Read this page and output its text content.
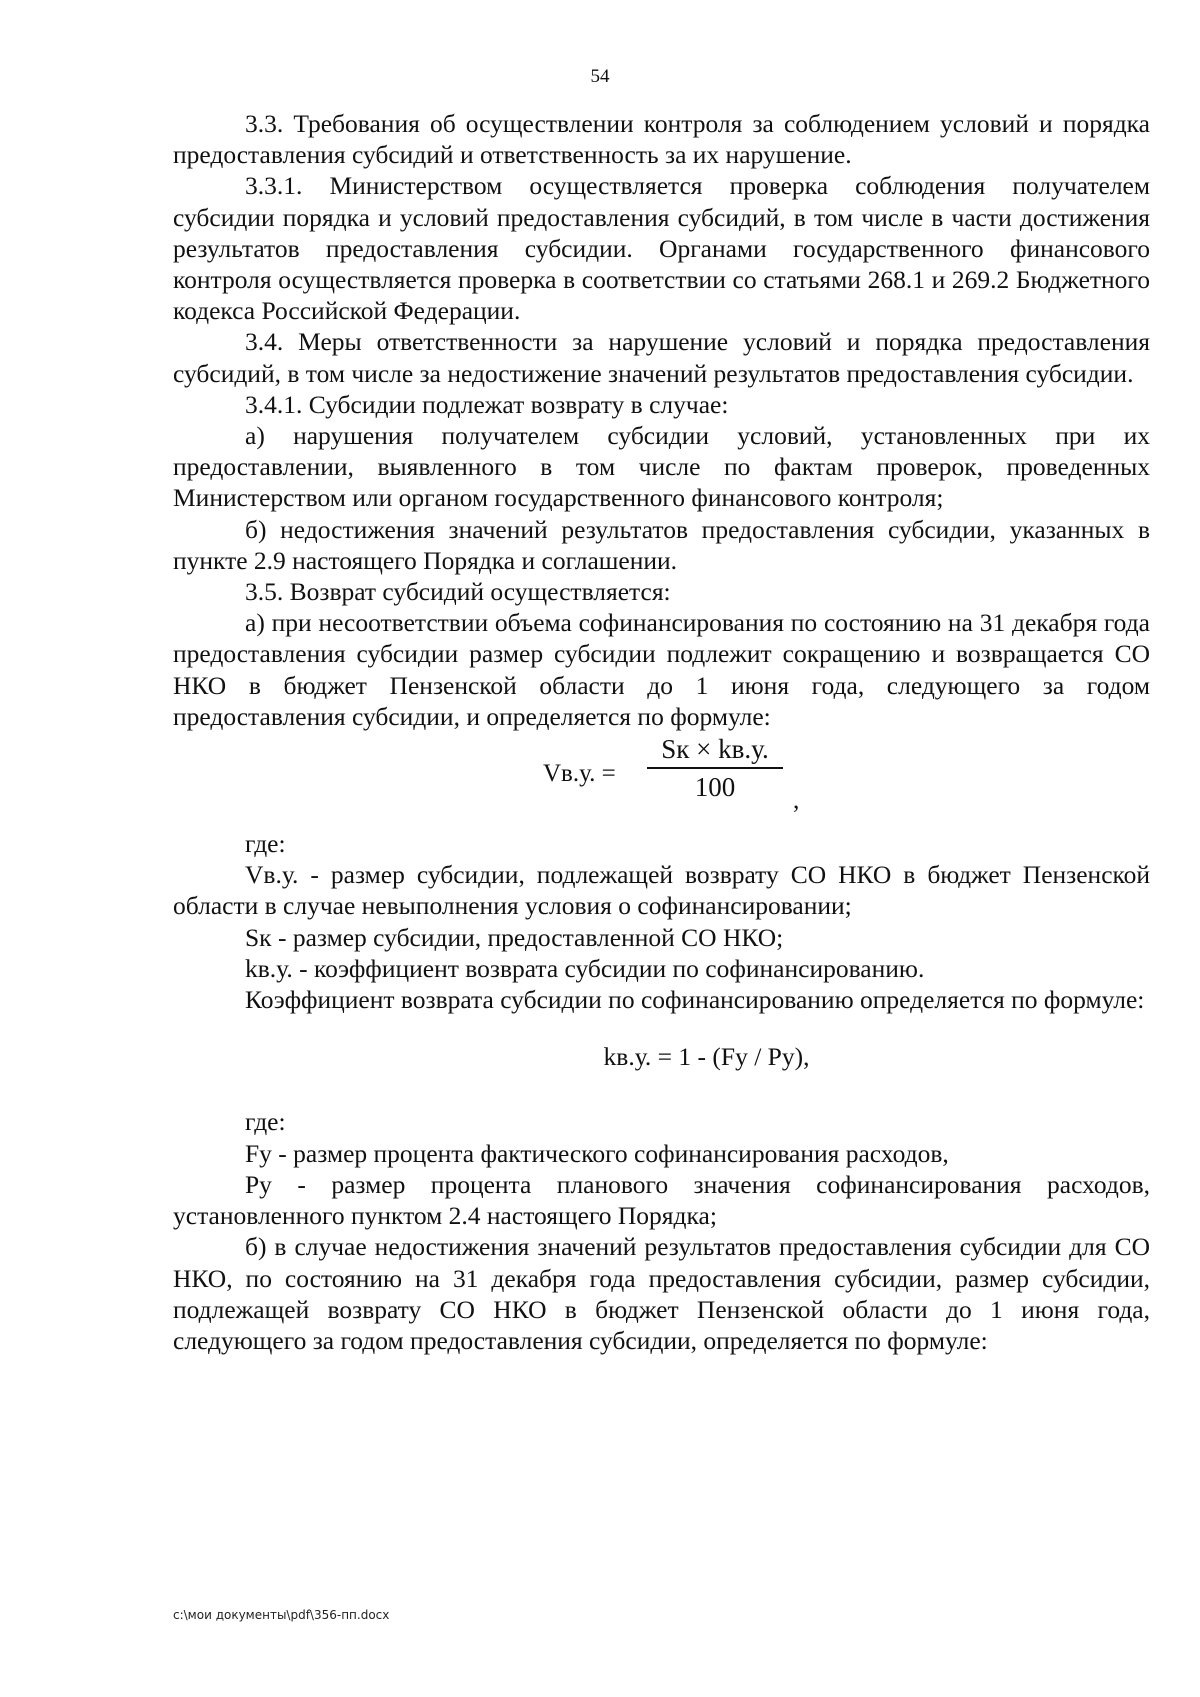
54

3.3. Требования об осуществлении контроля за соблюдением условий и порядка предоставления субсидий и ответственность за их нарушение.

3.3.1. Министерством осуществляется проверка соблюдения получателем субсидии порядка и условий предоставления субсидий, в том числе в части достижения результатов предоставления субсидии. Органами государственного финансового контроля осуществляется проверка в соответствии со статьями 268.1 и 269.2 Бюджетного кодекса Российской Федерации.

3.4. Меры ответственности за нарушение условий и порядка предоставления субсидий, в том числе за недостижение значений результатов предоставления субсидии.

3.4.1. Субсидии подлежат возврату в случае:

а) нарушения получателем субсидии условий, установленных при их предоставлении, выявленного в том числе по фактам проверок, проведенных Министерством или органом государственного финансового контроля;

б) недостижения значений результатов предоставления субсидии, указанных в пункте 2.9 настоящего Порядка и соглашении.

3.5. Возврат субсидий осуществляется:

а) при несоответствии объема софинансирования по состоянию на 31 декабря года предоставления субсидии размер субсидии подлежит сокращению и возвращается СО НКО в бюджет Пензенской области до 1 июня года, следующего за годом предоставления субсидии, и определяется по формуле:

Vв.у. =
Sк × kв.у.
100	,

где:

Vв.у. - размер субсидии, подлежащей возврату СО НКО в бюджет Пензенской области в случае невыполнения условия о софинансировании;

Sк - размер субсидии, предоставленной СО НКО;

kв.у. - коэффициент возврата субсидии по софинансированию.

Коэффициент возврата субсидии по софинансированию определяется по формуле:

kв.у. = 1 - (Fу / Pу),

где:

Fу - размер процента фактического софинансирования расходов,

Pу - размер процента планового значения софинансирования расходов, установленного пунктом 2.4 настоящего Порядка;

б) в случае недостижения значений результатов предоставления субсидии для СО НКО, по состоянию на 31 декабря года предоставления субсидии, размер субсидии, подлежащей возврату СО НКО в бюджет Пензенской области до 1 июня года, следующего за годом предоставления субсидии, определяется по формуле:

c:\мои документы\pdf\356-пп.docx
